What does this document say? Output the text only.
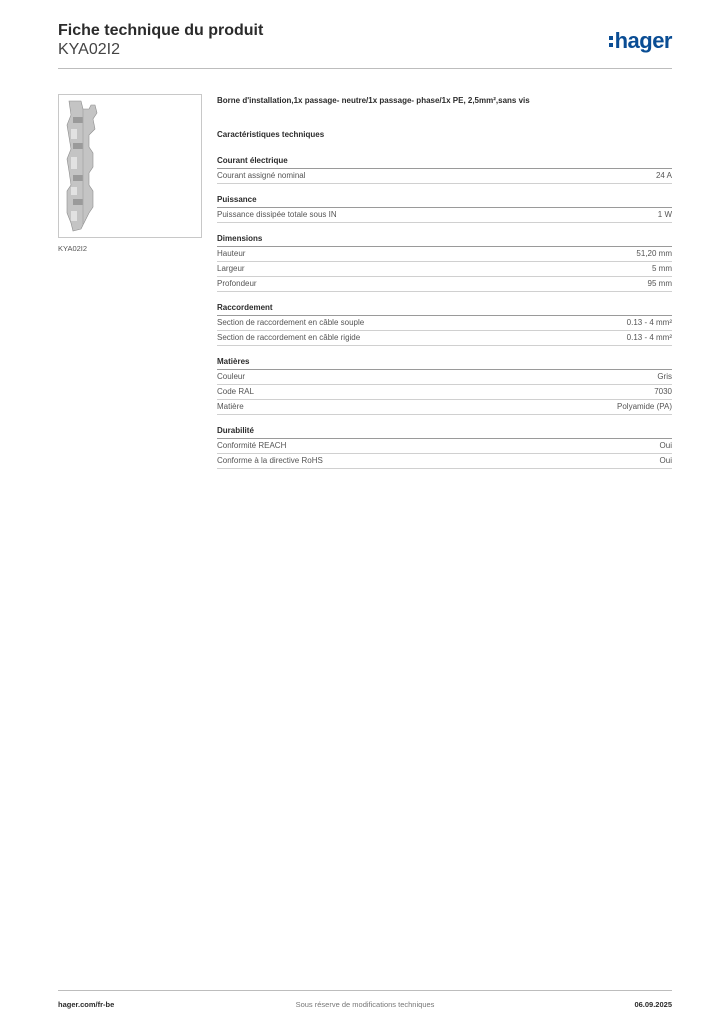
Fiche technique du produit
KYA02I2	hager
KYA02I2
Borne d'installation,1x passage- neutre/1x passage- phase/1x PE, 2,5mm²,sans vis
Caractéristiques techniques
Courant électrique
Courant assigné nominal	24 A
Puissance
Puissance dissipée totale sous IN	1 W
Dimensions
Hauteur	51,20 mm
Largeur	5 mm
Profondeur	95 mm
Raccordement
Section de raccordement en câble souple	0.13 - 4 mm²
Section de raccordement en câble rigide	0.13 - 4 mm²
Matières
Couleur	Gris
Code RAL	7030
Matière	Polyamide (PA)
Durabilité
Conformité REACH	Oui
Conforme à la directive RoHS	Oui
hager.com/fr-be	Sous réserve de modifications techniques	06.09.2025
